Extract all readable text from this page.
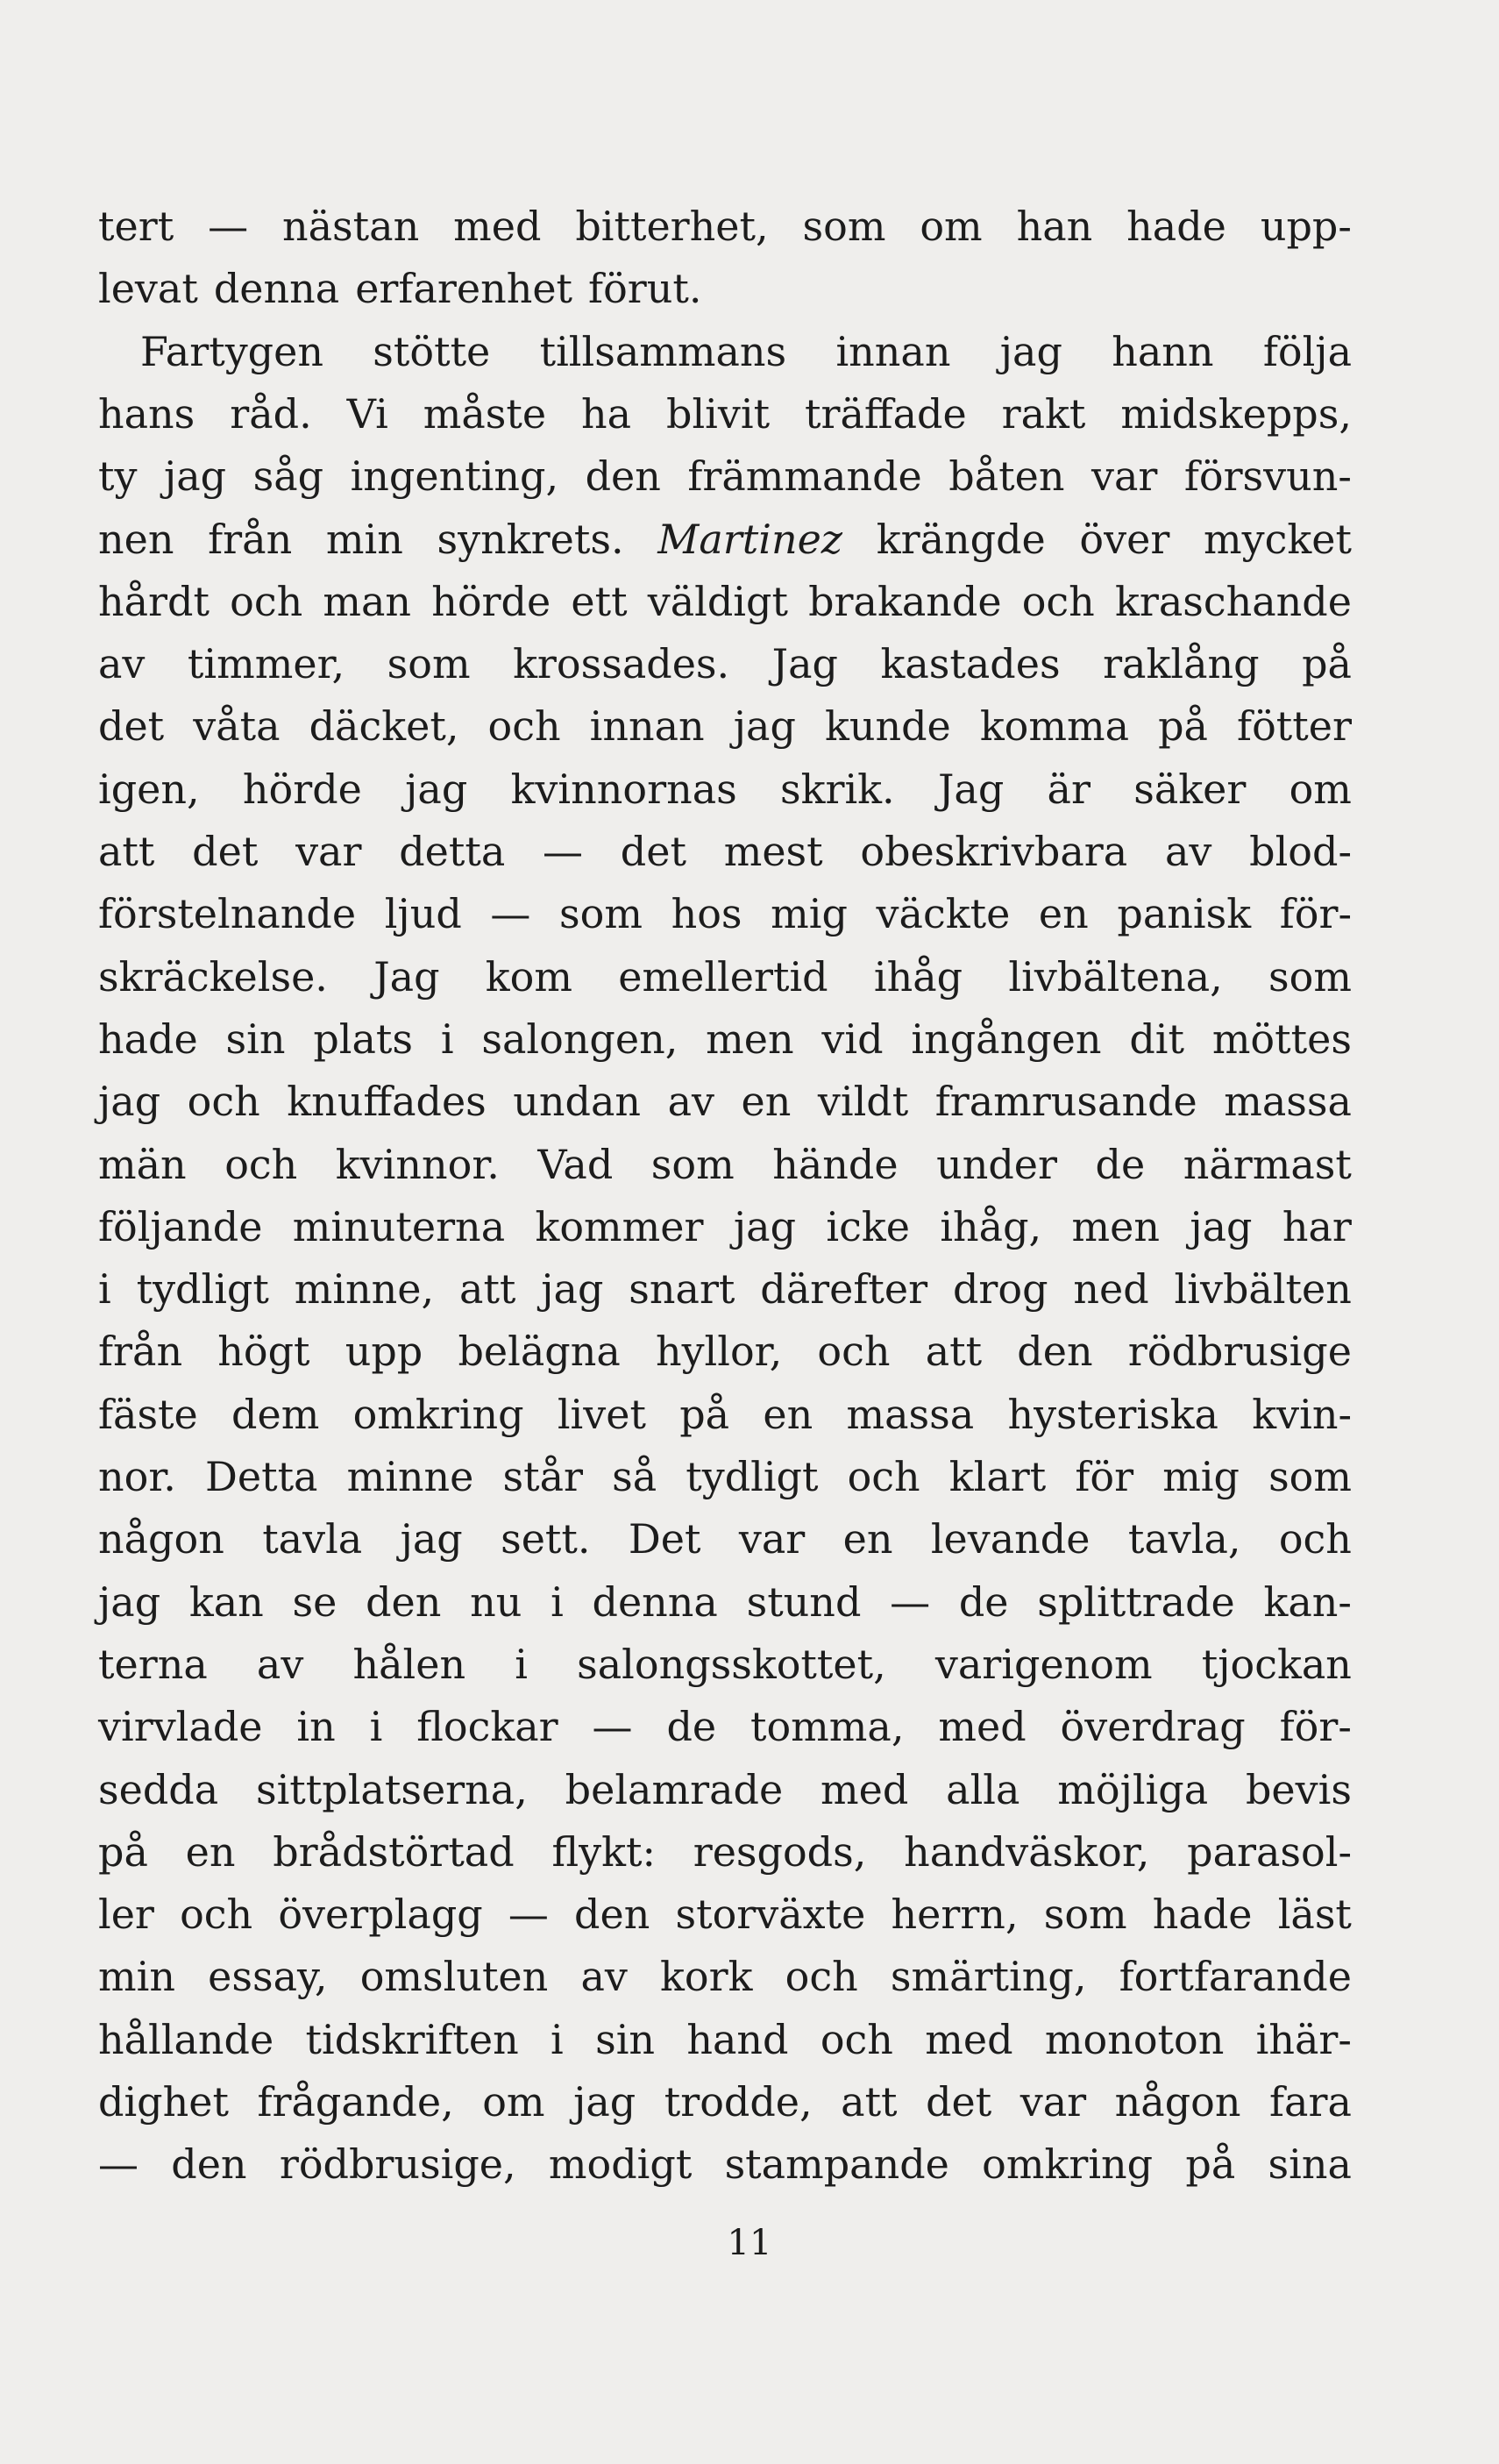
tert — nästan med bitterhet, som om han hade upp-
levat denna erfarenhet förut.
Fartygen stötte tillsammans innan jag hann följa
hans råd. Vi måste ha blivit träffade rakt midskepps,
ty jag såg ingenting, den främmande båten var försvun-
nen från min synkrets. Martinez krängde över mycket
hårdt och man hörde ett väldigt brakande och kraschande
av timmer, som krossades. Jag kastades raklång på
det våta däcket, och innan jag kunde komma på fötter
igen, hörde jag kvinnornas skrik. Jag är säker om
att det var detta — det mest obeskrivbara av blod-
förstelnande ljud — som hos mig väckte en panisk för-
skräckelse. Jag kom emellertid ihåg livbältena, som
hade sin plats i salongen, men vid ingången dit möttes
jag och knuffades undan av en vildt framrusande massa
män och kvinnor. Vad som hände under de närmast
följande minuterna kommer jag icke ihåg, men jag har
i tydligt minne, att jag snart därefter drog ned livbälten
från högt upp belägna hyllor, och att den rödbrusige
fäste dem omkring livet på en massa hysteriska kvin-
nor. Detta minne står så tydligt och klart för mig som
någon tavla jag sett. Det var en levande tavla, och
jag kan se den nu i denna stund — de splittrade kan-
terna av hålen i salongsskottet, varigenom tjockan
virvlade in i flockar — de tomma, med överdrag för-
sedda sittplatserna, belamrade med alla möjliga bevis
på en brådstörtad flykt: resgods, handväskor, parasol-
ler och överplagg — den storväxte herrn, som hade läst
min essay, omsluten av kork och smärting, fortfarande
hållande tidskriften i sin hand och med monoton ihär-
dighet frågande, om jag trodde, att det var någon fara
— den rödbrusige, modigt stampande omkring på sina
11
